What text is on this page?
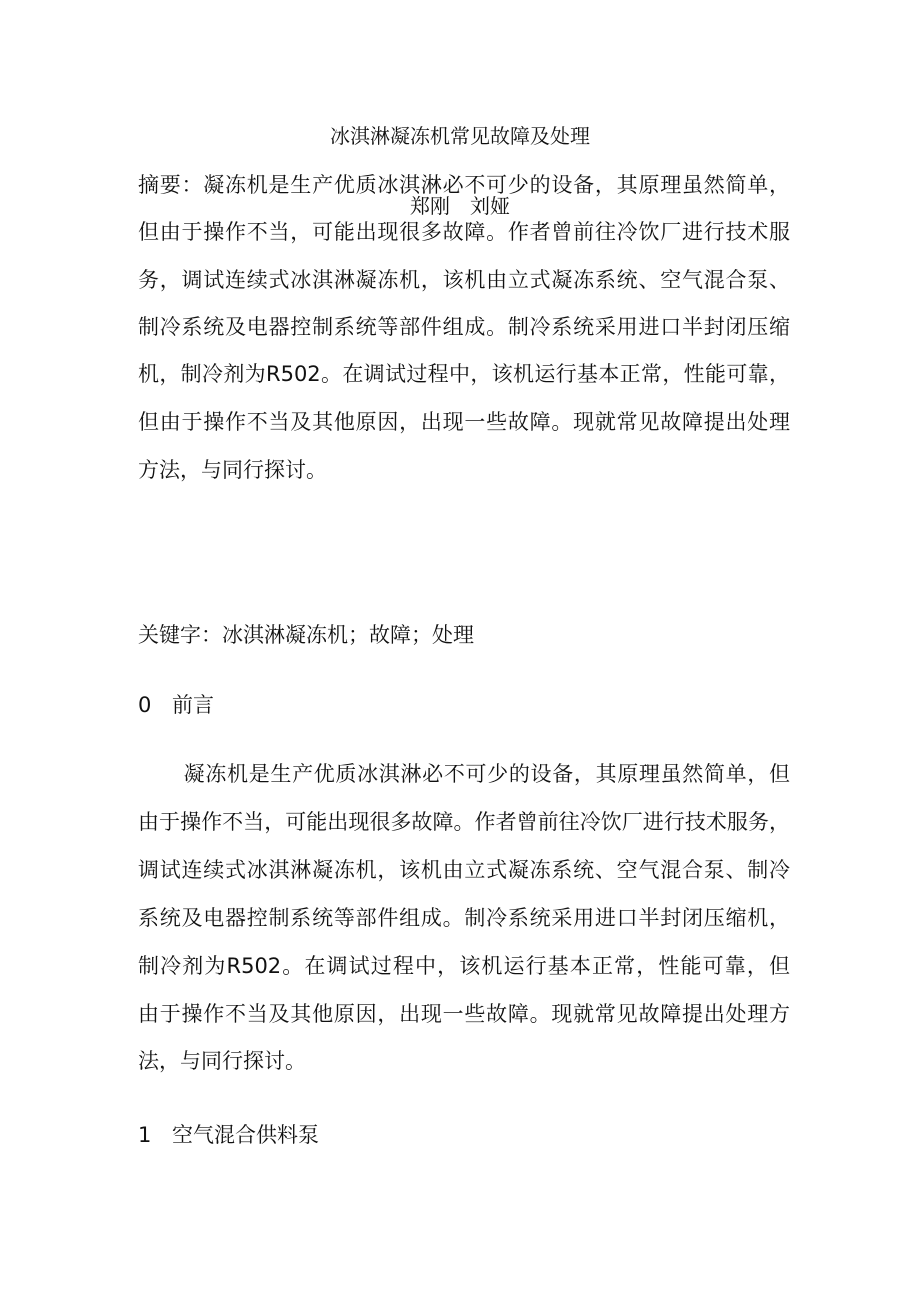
冰淇淋凝冻机常见故障及处理
郑刚　刘娅
摘要：凝冻机是生产优质冰淇淋必不可少的设备，其原理虽然简单，
但由于操作不当，可能出现很多故障。作者曾前往冷饮厂进行技术服
务，调试连续式冰淇淋凝冻机，该机由立式凝冻系统、空气混合泵、
制冷系统及电器控制系统等部件组成。制冷系统采用进口半封闭压缩
机，制冷剂为R502。在调试过程中，该机运行基本正常，性能可靠，
但由于操作不当及其他原因，出现一些故障。现就常见故障提出处理
方法，与同行探讨。
关键字：冰淇淋凝冻机；故障；处理
0 前言
　凝冻机是生产优质冰淇淋必不可少的设备，其原理虽然简单，但
由于操作不当，可能出现很多故障。作者曾前往冷饮厂进行技术服务，
调试连续式冰淇淋凝冻机，该机由立式凝冻系统、空气混合泵、制冷
系统及电器控制系统等部件组成。制冷系统采用进口半封闭压缩机，
制冷剂为R502。在调试过程中，该机运行基本正常，性能可靠，但
由于操作不当及其他原因，出现一些故障。现就常见故障提出处理方
法，与同行探讨。
1 空气混合供料泵
